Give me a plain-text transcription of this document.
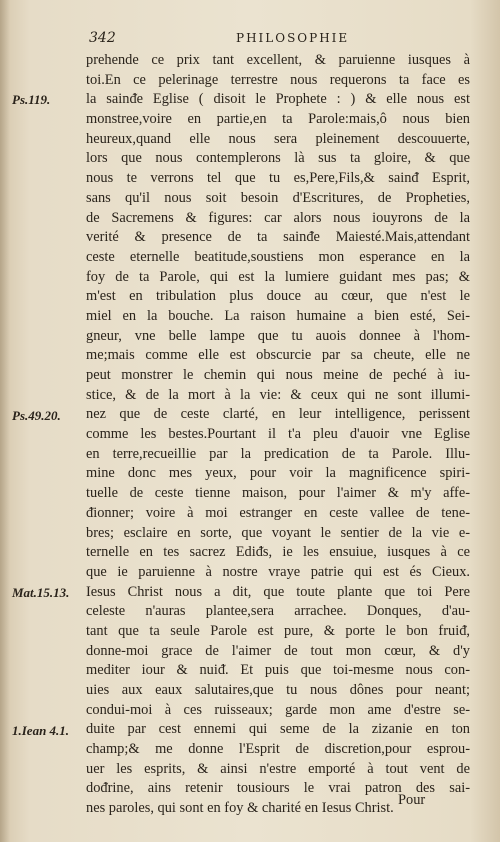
342	PHILOSOPHIE
prehende ce prix tant excellent, & paruienne iusques à
toi.En ce pelerinage terrestre nous requerons ta face es
la sainᵭe Eglise ( disoit le Prophete : ) & elle nous est
monstree,voire en partie,en ta Parole:mais,ô nous bien
heureux,quand elle nous sera pleinement descouuerte,
lors que nous contemplerons là sus ta gloire, & que
nous te verrons tel que tu es,Pere,Fils,& sainᵭ Esprit,
sans qu'il nous soit besoin d'Escritures, de Propheties,
de Sacremens & figures: car alors nous iouyrons de la
verité & presence de ta sainᵭe Maiesté.Mais,attendant
ceste eternelle beatitude,soustiens mon esperance en la
foy de ta Parole, qui est la lumiere guidant mes pas; &
m'est en tribulation plus douce au cœur, que n'est le
miel en la bouche. La raison humaine a bien esté, Sei-
gneur, vne belle lampe que tu auois donnee à l'hom-
me;mais comme elle est obscurcie par sa cheute, elle ne
peut monstrer le chemin qui nous meine de peché à iu-
stice, & de la mort à la vie: & ceux qui ne sont illumi-
nez que de ceste clarté, en leur intelligence, perissent
comme les bestes.Pourtant il t'a pleu d'auoir vne Eglise
en terre,recueillie par la predication de ta Parole. Illu-
mine donc mes yeux, pour voir la magnificence spiri-
tuelle de ceste tienne maison, pour l'aimer & m'y affe-
ᵭionner; voire à moi estranger en ceste vallee de tene-
bres; esclaire en sorte, que voyant le sentier de la vie e-
ternelle en tes sacrez Ediᵭs, ie les ensuiue, iusques à ce
que ie paruienne à nostre vraye patrie qui est és Cieux.
Iesus Christ nous a dit, que toute plante que toi Pere
celeste n'auras plantee,sera arrachee. Donques, d'au-
tant que ta seule Parole est pure, & porte le bon fruiᵭ,
donne-moi grace de l'aimer de tout mon cœur, & d'y
mediter iour & nuiᵭ. Et puis que toi-mesme nous con-
uies aux eaux salutaires,que tu nous dônes pour neant;
condui-moi à ces ruisseaux; garde mon ame d'estre se-
duite par cest ennemi qui seme de la zizanie en ton
champ;& me donne l'Esprit de discretion,pour esprou-
uer les esprits, & ainsi n'estre emporté à tout vent de
doᵭrine, ains retenir tousiours le vrai patron des sai-
nes paroles, qui sont en foy & charité en Iesus Christ.
Ps.119.
Ps.49.20.
Mat.15.13.
1.Iean 4.1.
Pour
